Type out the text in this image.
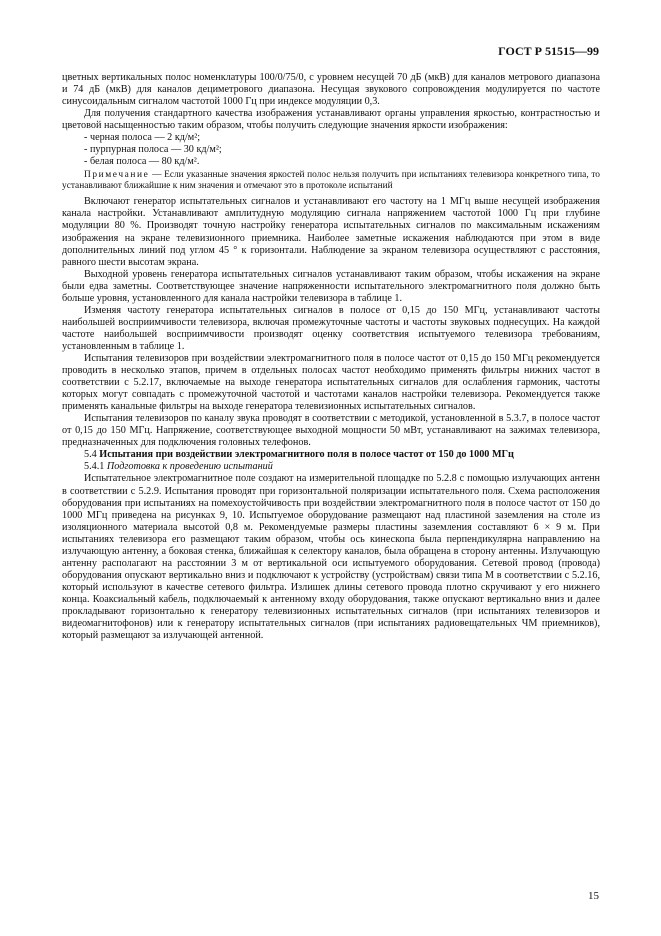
ГОСТ Р 51515—99

цветных вертикальных полос номенклатуры 100/0/75/0, с уровнем несущей 70 дБ (мкВ) для каналов метрового диапазона и 74 дБ (мкВ) для каналов дециметрового диапазона. Несущая звукового сопровождения модулируется по частоте синусоидальным сигналом частотой 1000 Гц при индексе модуляции 0,3.

Для получения стандартного качества изображения устанавливают органы управления яркостью, контрастностью и цветовой насыщенностью таким образом, чтобы получить следующие значения яркости изображения:

- черная полоса — 2 кд/м²;
- пурпурная полоса — 30 кд/м²;
- белая полоса — 80 кд/м².

Примечание — Если указанные значения яркостей полос нельзя получить при испытаниях телевизора конкретного типа, то устанавливают ближайшие к ним значения и отмечают это в протоколе испытаний

Включают генератор испытательных сигналов и устанавливают его частоту на 1 МГц выше несущей изображения канала настройки. Устанавливают амплитудную модуляцию сигнала напряжением частотой 1000 Гц при глубине модуляции 80 %. Производят точную настройку генератора испытательных сигналов по максимальным искажениям изображения на экране телевизионного приемника. Наиболее заметные искажения наблюдаются при этом в виде дополнительных линий под углом 45 ° к горизонтали. Наблюдение за экраном телевизора осуществляют с расстояния, равного шести высотам экрана.

Выходной уровень генератора испытательных сигналов устанавливают таким образом, чтобы искажения на экране были едва заметны. Соответствующее значение напряженности испытательного электромагнитного поля должно быть больше уровня, установленного для канала настройки телевизора в таблице 1.

Изменяя частоту генератора испытательных сигналов в полосе от 0,15 до 150 МГц, устанавливают частоты наибольшей восприимчивости телевизора, включая промежуточные частоты и частоты звуковых поднесущих. На каждой частоте наибольшей восприимчивости производят оценку соответствия испытуемого телевизора требованиям, установленным в таблице 1.

Испытания телевизоров при воздействии электромагнитного поля в полосе частот от 0,15 до 150 МГц рекомендуется проводить в несколько этапов, причем в отдельных полосах частот необходимо применять фильтры нижних частот в соответствии с 5.2.17, включаемые на выходе генератора испытательных сигналов для ослабления гармоник, частоты которых могут совпадать с промежуточной частотой и частотами каналов настройки телевизора. Рекомендуется также применять канальные фильтры на выходе генератора телевизионных испытательных сигналов.

Испытания телевизоров по каналу звука проводят в соответствии с методикой, установленной в 5.3.7, в полосе частот от 0,15 до 150 МГц. Напряжение, соответствующее выходной мощности 50 мВт, устанавливают на зажимах телевизора, предназначенных для подключения головных телефонов.

5.4 Испытания при воздействии электромагнитного поля в полосе частот от 150 до 1000 МГц

5.4.1 Подготовка к проведению испытаний

Испытательное электромагнитное поле создают на измерительной площадке по 5.2.8 с помощью излучающих антенн в соответствии с 5.2.9. Испытания проводят при горизонтальной поляризации испытательного поля. Схема расположения оборудования при испытаниях на помехоустойчивость при воздействии электромагнитного поля в полосе частот от 150 до 1000 МГц приведена на рисунках 9, 10. Испытуемое оборудование размещают над пластиной заземления на столе из изоляционного материала высотой 0,8 м. Рекомендуемые размеры пластины заземления составляют 6 × 9 м. При испытаниях телевизора его размещают таким образом, чтобы ось кинескопа была перпендикулярна направлению на излучающую антенну, а боковая стенка, ближайшая к селектору каналов, была обращена в сторону антенны. Излучающую антенну располагают на расстоянии 3 м от вертикальной оси испытуемого оборудования. Сетевой провод (провода) оборудования опускают вертикально вниз и подключают к устройству (устройствам) связи типа М в соответствии с 5.2.16, который используют в качестве сетевого фильтра. Излишек длины сетевого провода плотно скручивают у его нижнего конца. Коаксиальный кабель, подключаемый к антенному входу оборудования, также опускают вертикально вниз и далее прокладывают горизонтально к генератору телевизионных испытательных сигналов (при испытаниях телевизоров и видеомагнитофонов) или к генератору испытательных сигналов (при испытаниях радиовещательных ЧМ приемников), который размещают за излучающей антенной.

15
